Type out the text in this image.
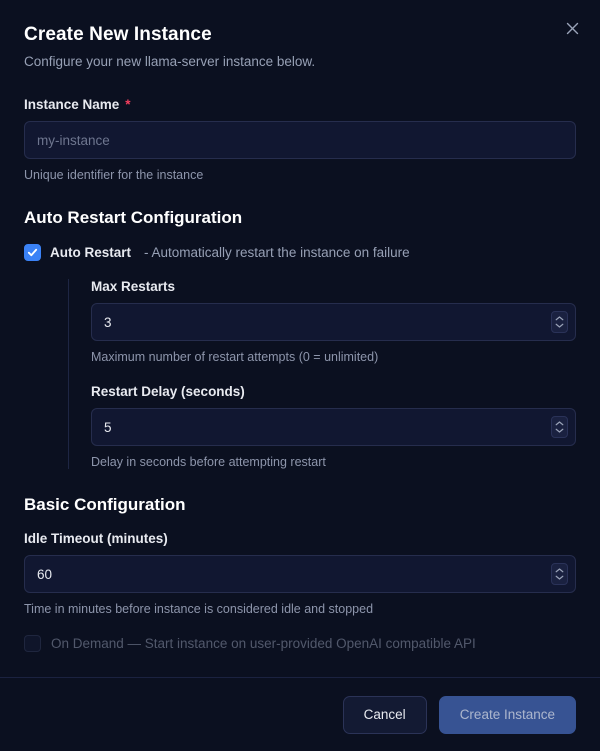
Create New Instance

Configure your new llama-server instance below.

Instance Name *
my-instance
Unique identifier for the instance
Auto Restart Configuration
Auto Restart - Automatically restart the instance on failure
Max Restarts
3
Maximum number of restart attempts (0 = unlimited)
Restart Delay (seconds)
5
Delay in seconds before attempting restart
Basic Configuration
Idle Timeout (minutes)
60
Time in minutes before instance is considered idle and stopped
On Demand — Start instance on user-provided OpenAI compatible API
Cancel	Create Instance
